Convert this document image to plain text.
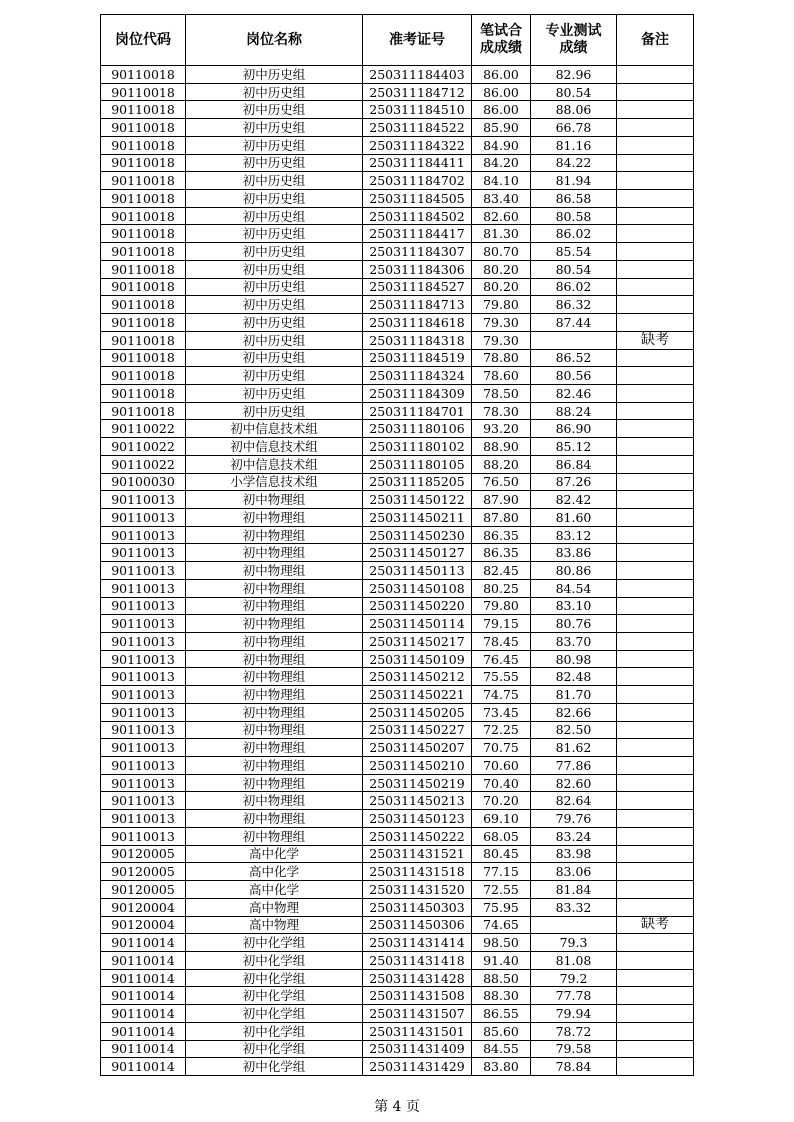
岗位代码	岗位名称	准考证号	笔试合成成绩	专业测试成绩	备注
90110018	初中历史组	250311184403	86.00	82.96	
90110018	初中历史组	250311184712	86.00	80.54	
90110018	初中历史组	250311184510	86.00	88.06	
90110018	初中历史组	250311184522	85.90	66.78	
90110018	初中历史组	250311184322	84.90	81.16	
90110018	初中历史组	250311184411	84.20	84.22	
90110018	初中历史组	250311184702	84.10	81.94	
90110018	初中历史组	250311184505	83.40	86.58	
90110018	初中历史组	250311184502	82.60	80.58	
90110018	初中历史组	250311184417	81.30	86.02	
90110018	初中历史组	250311184307	80.70	85.54	
90110018	初中历史组	250311184306	80.20	80.54	
90110018	初中历史组	250311184527	80.20	86.02	
90110018	初中历史组	250311184713	79.80	86.32	
90110018	初中历史组	250311184618	79.30	87.44	
90110018	初中历史组	250311184318	79.30		缺考
90110018	初中历史组	250311184519	78.80	86.52	
90110018	初中历史组	250311184324	78.60	80.56	
90110018	初中历史组	250311184309	78.50	82.46	
90110018	初中历史组	250311184701	78.30	88.24	
90110022	初中信息技术组	250311180106	93.20	86.90	
90110022	初中信息技术组	250311180102	88.90	85.12	
90110022	初中信息技术组	250311180105	88.20	86.84	
90100030	小学信息技术组	250311185205	76.50	87.26	
90110013	初中物理组	250311450122	87.90	82.42	
90110013	初中物理组	250311450211	87.80	81.60	
90110013	初中物理组	250311450230	86.35	83.12	
90110013	初中物理组	250311450127	86.35	83.86	
90110013	初中物理组	250311450113	82.45	80.86	
90110013	初中物理组	250311450108	80.25	84.54	
90110013	初中物理组	250311450220	79.80	83.10	
90110013	初中物理组	250311450114	79.15	80.76	
90110013	初中物理组	250311450217	78.45	83.70	
90110013	初中物理组	250311450109	76.45	80.98	
90110013	初中物理组	250311450212	75.55	82.48	
90110013	初中物理组	250311450221	74.75	81.70	
90110013	初中物理组	250311450205	73.45	82.66	
90110013	初中物理组	250311450227	72.25	82.50	
90110013	初中物理组	250311450207	70.75	81.62	
90110013	初中物理组	250311450210	70.60	77.86	
90110013	初中物理组	250311450219	70.40	82.60	
90110013	初中物理组	250311450213	70.20	82.64	
90110013	初中物理组	250311450123	69.10	79.76	
90110013	初中物理组	250311450222	68.05	83.24	
90120005	高中化学	250311431521	80.45	83.98	
90120005	高中化学	250311431518	77.15	83.06	
90120005	高中化学	250311431520	72.55	81.84	
90120004	高中物理	250311450303	75.95	83.32	
90120004	高中物理	250311450306	74.65		缺考
90110014	初中化学组	250311431414	98.50	79.3	
90110014	初中化学组	250311431418	91.40	81.08	
90110014	初中化学组	250311431428	88.50	79.2	
90110014	初中化学组	250311431508	88.30	77.78	
90110014	初中化学组	250311431507	86.55	79.94	
90110014	初中化学组	250311431501	85.60	78.72	
90110014	初中化学组	250311431409	84.55	79.58	
90110014	初中化学组	250311431429	83.80	78.84	
第 4 页
